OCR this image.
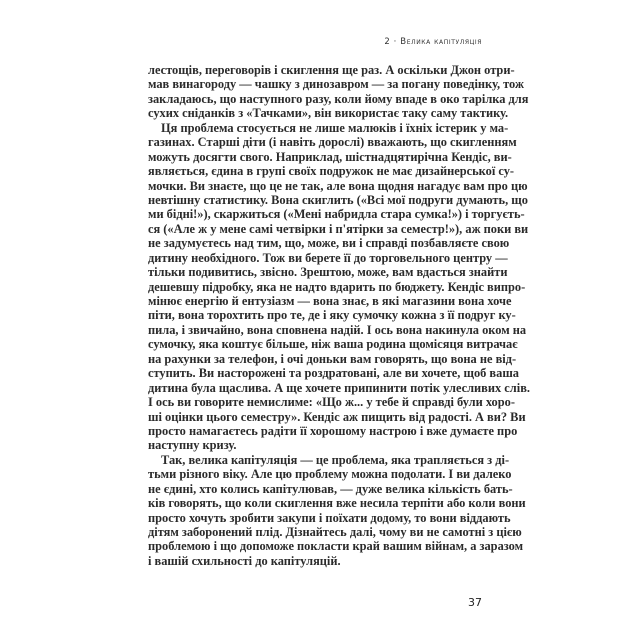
2 · Велика капітуляція
лестощів, переговорів і скиглення ще раз. А оскільки Джон отри-
мав винагороду — чашку з динозавром — за погану поведінку, тож
закладаюсь, що наступного разу, коли йому впаде в око тарілка для
сухих сніданків з «Тачками», він використає таку саму тактику.
Ця проблема стосується не лише малюків і їхніх істерик у ма-
газинах. Старші діти (і навіть дорослі) вважають, що скигленням
можуть досягти свого. Наприклад, шістнадцятирічна Кендіс, ви-
являється, єдина в групі своїх подружок не має дизайнерської су-
мочки. Ви знаєте, що це не так, але вона щодня нагадує вам про цю
невтішну статистику. Вона скиглить («Всі мої подруги думають, що
ми бідні!»), скаржиться («Мені набридла стара сумка!») і торгуєть-
ся («Але ж у мене самі четвірки і п'ятірки за семестр!»), аж поки ви
не задумуєтесь над тим, що, може, ви і справді позбавляєте свою
дитину необхідного. Тож ви берете її до торговельного центру —
тільки подивитись, звісно. Зрештою, може, вам вдасться знайти
дешевшу підробку, яка не надто вдарить по бюджету. Кендіс випро-
мінює енергію й ентузіазм — вона знає, в які магазини вона хоче
піти, вона торохтить про те, де і яку сумочку кожна з її подруг ку-
пила, і звичайно, вона сповнена надій. І ось вона накинула оком на
сумочку, яка коштує більше, ніж ваша родина щомісяця витрачає
на рахунки за телефон, і очі доньки вам говорять, що вона не від-
ступить. Ви насторожені та роздратовані, але ви хочете, щоб ваша
дитина була щаслива. А ще хочете припинити потік улесливих слів.
І ось ви говорите немислиме: «Що ж... у тебе й справді були хоро-
ші оцінки цього семестру». Кендіс аж пищить від радості. А ви? Ви
просто намагаєтесь радіти її хорошому настрою і вже думаєте про
наступну кризу.
Так, велика капітуляція — це проблема, яка трапляється з ді-
тьми різного віку. Але цю проблему можна подолати. І ви далеко
не єдині, хто колись капітулював, — дуже велика кількість бать-
ків говорять, що коли скиглення вже несила терпіти або коли вони
просто хочуть зробити закупи і поїхати додому, то вони віддають
дітям заборонений плід. Дізнайтесь далі, чому ви не самотні з цією
проблемою і що допоможе покласти край вашим війнам, а заразом
і вашій схильності до капітуляцій.
37
